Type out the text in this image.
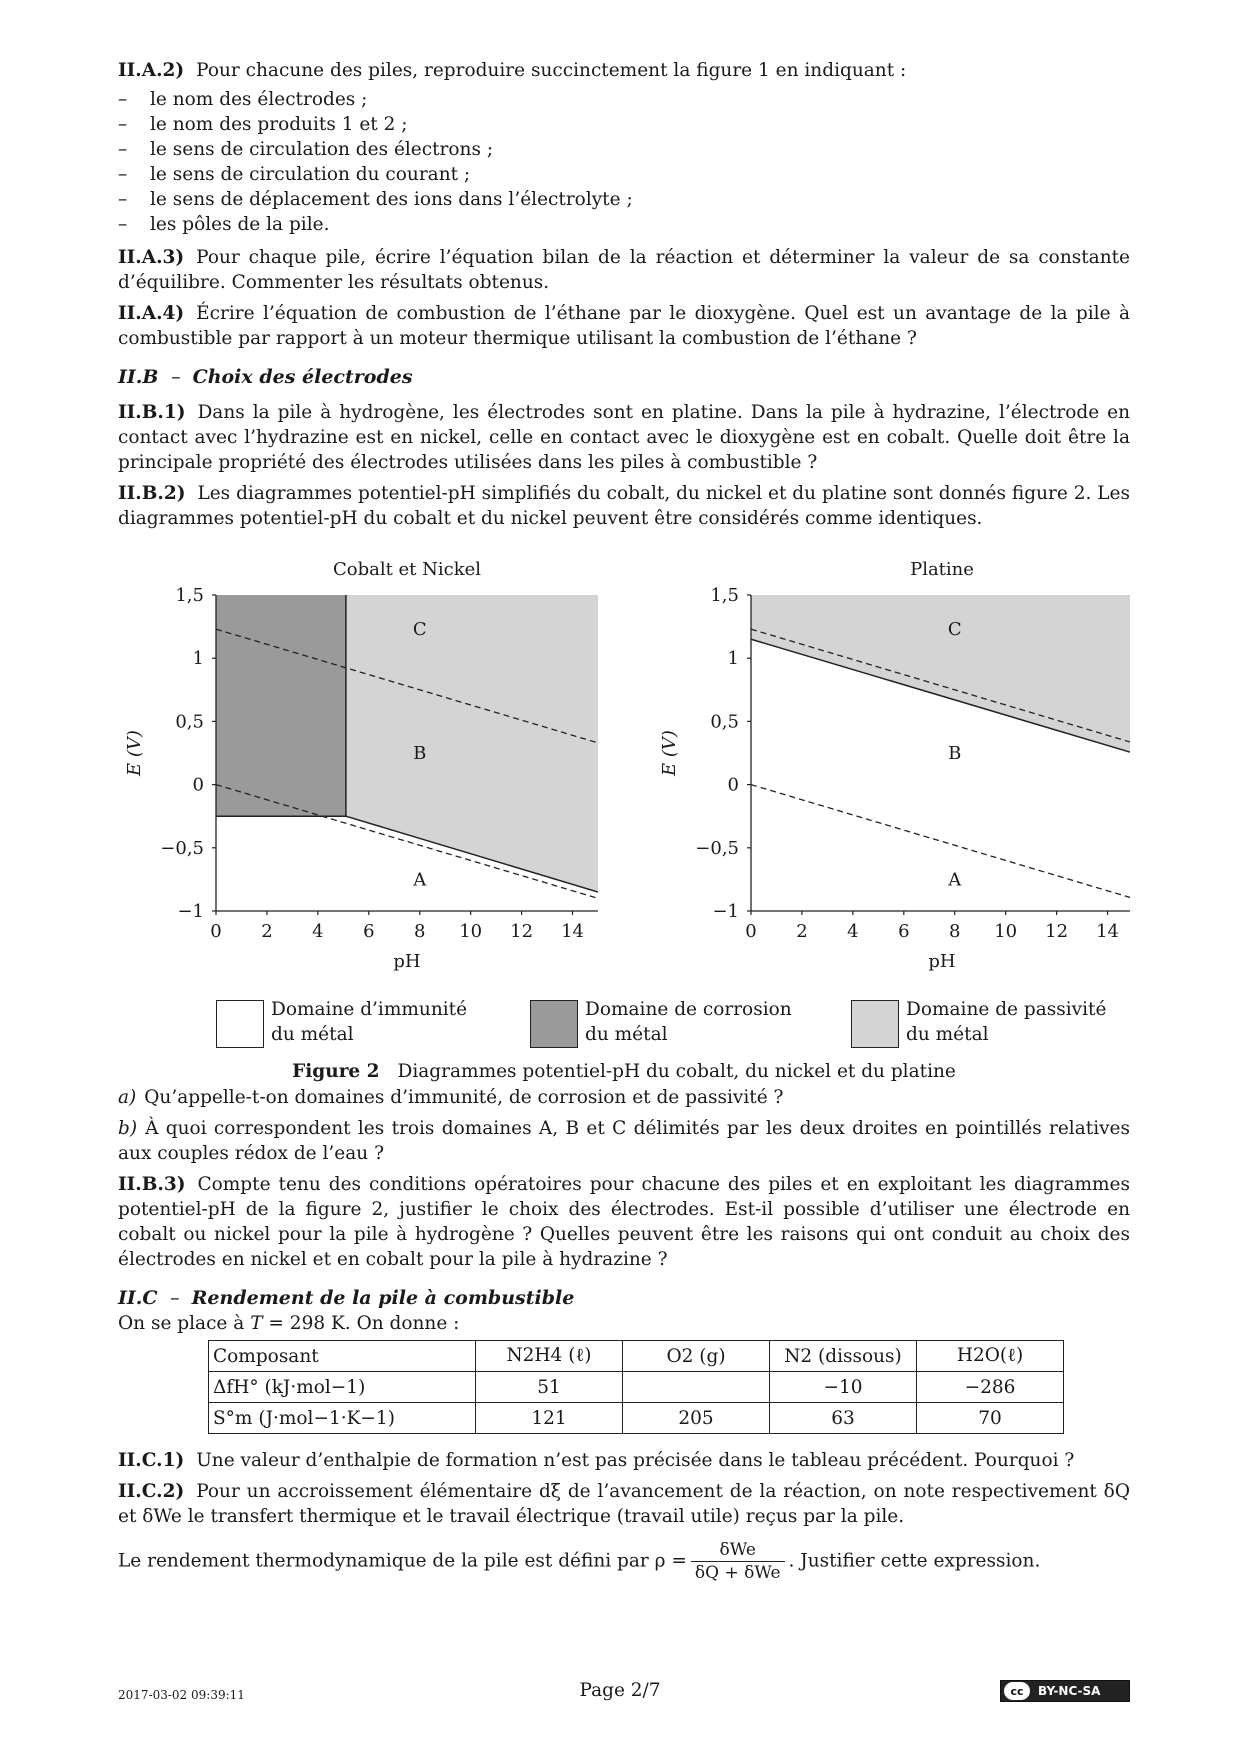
II.A.2) Pour chacune des piles, reproduire succinctement la figure 1 en indiquant :

– le nom des électrodes ;
– le nom des produits 1 et 2 ;
– le sens de circulation des électrons ;
– le sens de circulation du courant ;
– le sens de déplacement des ions dans l’électrolyte ;
– les pôles de la pile.

II.A.3) Pour chaque pile, écrire l’équation bilan de la réaction et déterminer la valeur de sa constante d’équilibre. Commenter les résultats obtenus.

II.A.4) Écrire l’équation de combustion de l’éthane par le dioxygène. Quel est un avantage de la pile à combustible par rapport à un moteur thermique utilisant la combustion de l’éthane ?

II.B – Choix des électrodes

II.B.1) Dans la pile à hydrogène, les électrodes sont en platine. Dans la pile à hydrazine, l’électrode en contact avec l’hydrazine est en nickel, celle en contact avec le dioxygène est en cobalt. Quelle doit être la principale propriété des électrodes utilisées dans les piles à combustible ?

II.B.2) Les diagrammes potentiel-pH simplifiés du cobalt, du nickel et du platine sont donnés figure 2. Les diagrammes potentiel-pH du cobalt et du nickel peuvent être considérés comme identiques.

1,5
1
0,5
0
−0,5
−1
0 2 4 6 8 10 12 14
Cobalt et Nickel
pH
E (V)
C
B
A
1,5
1
0,5
0
−0,5
−1
0 2 4 6 8 10 12 14
Platine
pH
E (V)
C
B
A
Domaine d’immunité
du métal
Domaine de corrosion
du métal
Domaine de passivité
du métal
Figure 2 Diagrammes potentiel-pH du cobalt, du nickel et du platine

a) Qu’appelle-t-on domaines d’immunité, de corrosion et de passivité ?

b) À quoi correspondent les trois domaines A, B et C délimités par les deux droites en pointillés relatives aux couples rédox de l’eau ?

II.B.3) Compte tenu des conditions opératoires pour chacune des piles et en exploitant les diagrammes potentiel-pH de la figure 2, justifier le choix des électrodes. Est-il possible d’utiliser une électrode en cobalt ou nickel pour la pile à hydrogène ? Quelles peuvent être les raisons qui ont conduit au choix des électrodes en nickel et en cobalt pour la pile à hydrazine ?

II.C – Rendement de la pile à combustible

On se place à T = 298 K. On donne :

Composant	N2H4 (ℓ)	O2 (g)	N2 (dissous)	H2O(ℓ)
ΔfH° (kJ·mol−1)	51		−10	−286
S°m (J·mol−1·K−1)	121	205	63	70

II.C.1) Une valeur d’enthalpie de formation n’est pas précisée dans le tableau précédent. Pourquoi ?

II.C.2) Pour un accroissement élémentaire dξ de l’avancement de la réaction, on note respectivement δQ et δWe le transfert thermique et le travail électrique (travail utile) reçus par la pile.

Le rendement thermodynamique de la pile est défini par $\rho = \frac{\text{δWe}}{\text{δQ + δWe}}$ . Justifier cette expression.

2017-03-02 09:39:11	Page 2/7	cc	BY-NC-SA
